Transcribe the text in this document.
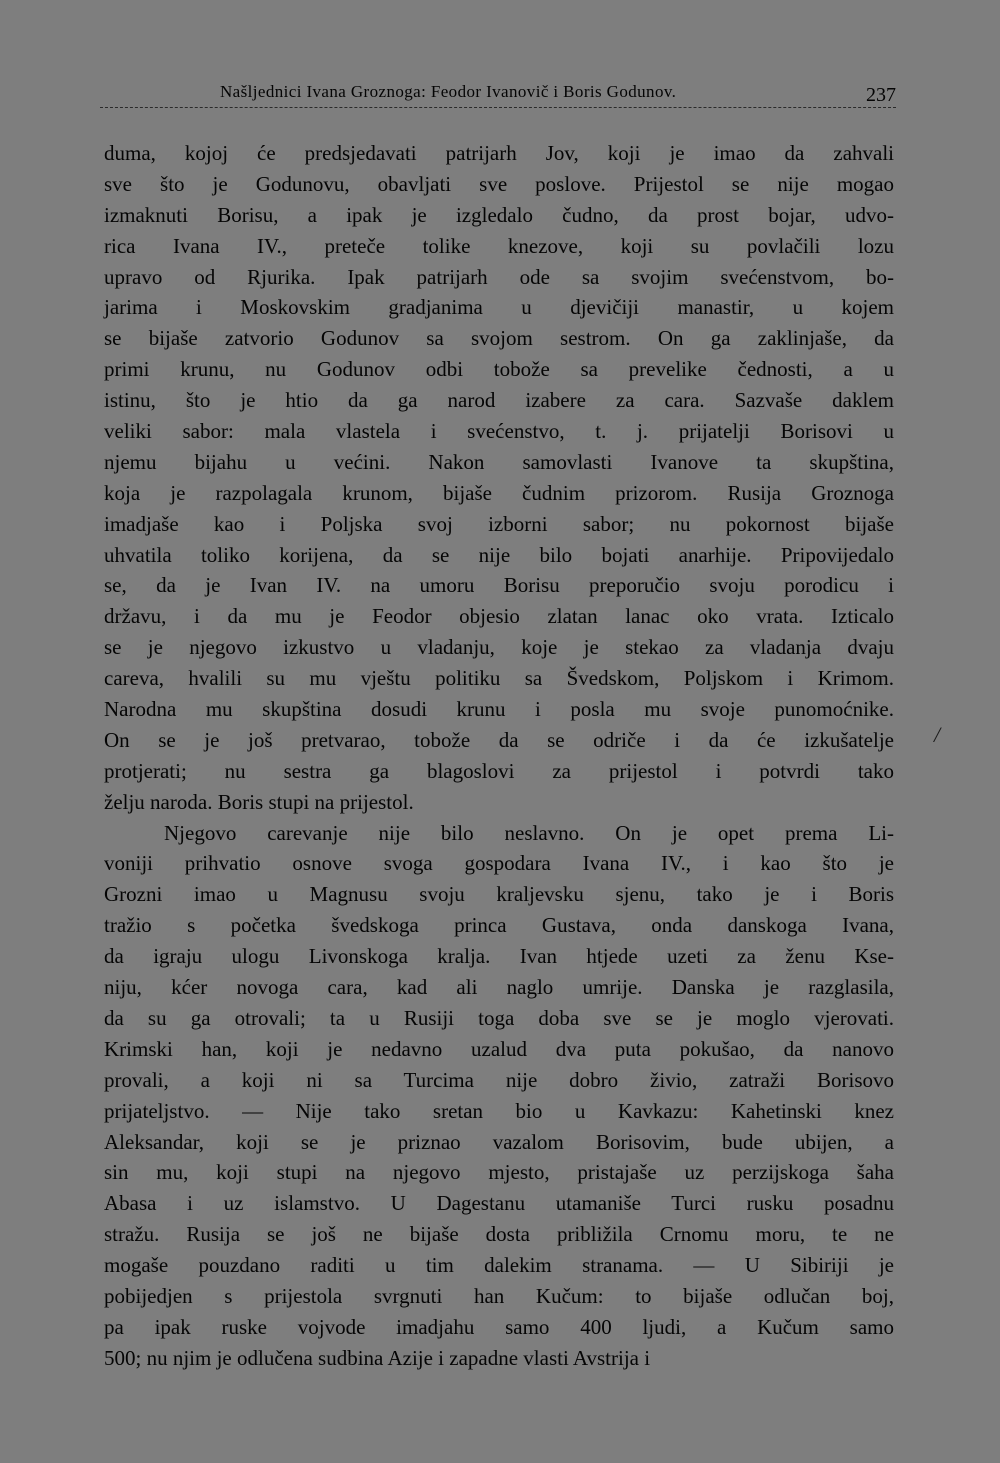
Našljednici Ivana Groznoga: Feodor Ivanovič i Boris Godunov.	237
duma, kojoj će predsjedavati patrijarh Jov, koji je imao da zahvali
sve što je Godunovu, obavljati sve poslove. Prijestol se nije mogao
izmaknuti Borisu, a ipak je izgledalo čudno, da prost bojar, udvo-
rica Ivana IV., preteče tolike knezove, koji su povlačili lozu
upravo od Rjurika. Ipak patrijarh ode sa svojim svećenstvom, bo-
jarima i Moskovskim gradjanima u djevičiji manastir, u kojem
se bijaše zatvorio Godunov sa svojom sestrom. On ga zaklinjaše, da
primi krunu, nu Godunov odbi tobože sa prevelike čednosti, a u
istinu, što je htio da ga narod izabere za cara. Sazvaše daklem
veliki sabor: mala vlastela i svećenstvo, t. j. prijatelji Borisovi u
njemu bijahu u većini. Nakon samovlasti Ivanove ta skupština,
koja je razpolagala krunom, bijaše čudnim prizorom. Rusija Groznoga
imadjaše kao i Poljska svoj izborni sabor; nu pokornost bijaše
uhvatila toliko korijena, da se nije bilo bojati anarhije. Pripovijedalo
se, da je Ivan IV. na umoru Borisu preporučio svoju porodicu i
državu, i da mu je Feodor objesio zlatan lanac oko vrata. Izticalo
se je njegovo izkustvo u vladanju, koje je stekao za vladanja dvaju
careva, hvalili su mu vještu politiku sa Švedskom, Poljskom i Krimom.
Narodna mu skupština dosudi krunu i posla mu svoje punomoćnike.
On se je još pretvarao, tobože da se odriče i da će izkušatelje
protjerati; nu sestra ga blagoslovi za prijestol i potvrdi tako
želju naroda. Boris stupi na prijestol.
Njegovo carevanje nije bilo neslavno. On je opet prema Li-
voniji prihvatio osnove svoga gospodara Ivana IV., i kao što je
Grozni imao u Magnusu svoju kraljevsku sjenu, tako je i Boris
tražio s početka švedskoga princa Gustava, onda danskoga Ivana,
da igraju ulogu Livonskoga kralja. Ivan htjede uzeti za ženu Kse-
niju, kćer novoga cara, kad ali naglo umrije. Danska je razglasila,
da su ga otrovali; ta u Rusiji toga doba sve se je moglo vjerovati.
Krimski han, koji je nedavno uzalud dva puta pokušao, da nanovo
provali, a koji ni sa Turcima nije dobro živio, zatraži Borisovo
prijateljstvo. — Nije tako sretan bio u Kavkazu: Kahetinski knez
Aleksandar, koji se je priznao vazalom Borisovim, bude ubijen, a
sin mu, koji stupi na njegovo mjesto, pristajaše uz perzijskoga šaha
Abasa i uz islamstvo. U Dagestanu utamaniše Turci rusku posadnu
stražu. Rusija se još ne bijaše dosta približila Crnomu moru, te ne
mogaše pouzdano raditi u tim dalekim stranama. — U Sibiriji je
pobijedjen s prijestola svrgnuti han Kučum: to bijaše odlučan boj,
pa ipak ruske vojvode imadjahu samo 400 ljudi, a Kučum samo
500; nu njim je odlučena sudbina Azije i zapadne vlasti Avstrija i
/
